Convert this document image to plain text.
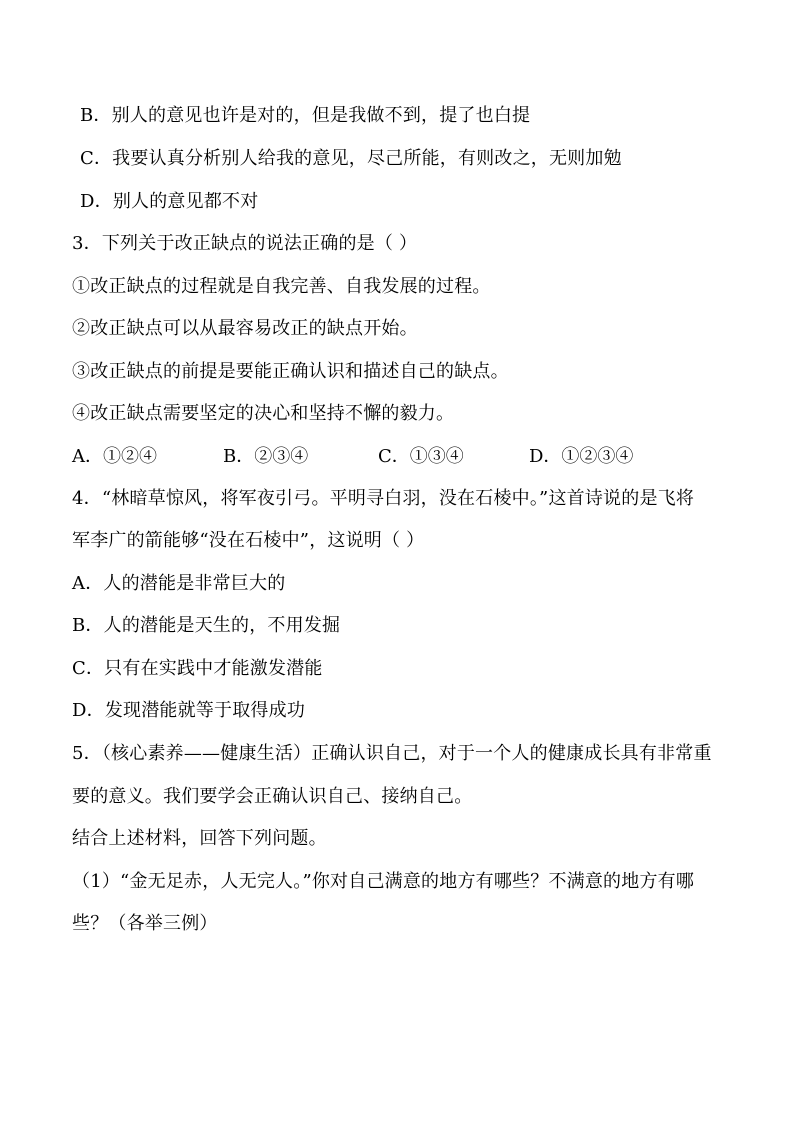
B．别人的意见也许是对的，但是我做不到，提了也白提
C．我要认真分析别人给我的意见，尽己所能，有则改之，无则加勉
D．别人的意见都不对
3．下列关于改正缺点的说法正确的是（ ）
①改正缺点的过程就是自我完善、自我发展的过程。
②改正缺点可以从最容易改正的缺点开始。
③改正缺点的前提是要能正确认识和描述自己的缺点。
④改正缺点需要坚定的决心和坚持不懈的毅力。
A．①②④	B．②③④	C．①③④	D．①②③④
4．“林暗草惊风，将军夜引弓。平明寻白羽，没在石棱中。”这首诗说的是飞将
军李广的箭能够“没在石棱中”，这说明（ ）
A．人的潜能是非常巨大的
B．人的潜能是天生的，不用发掘
C．只有在实践中才能激发潜能
D．发现潜能就等于取得成功
5．（核心素养——健康生活）正确认识自己，对于一个人的健康成长具有非常重
要的意义。我们要学会正确认识自己、接纳自己。
结合上述材料，回答下列问题。
（1）“金无足赤，人无完人。”你对自己满意的地方有哪些？不满意的地方有哪
些？（各举三例）
